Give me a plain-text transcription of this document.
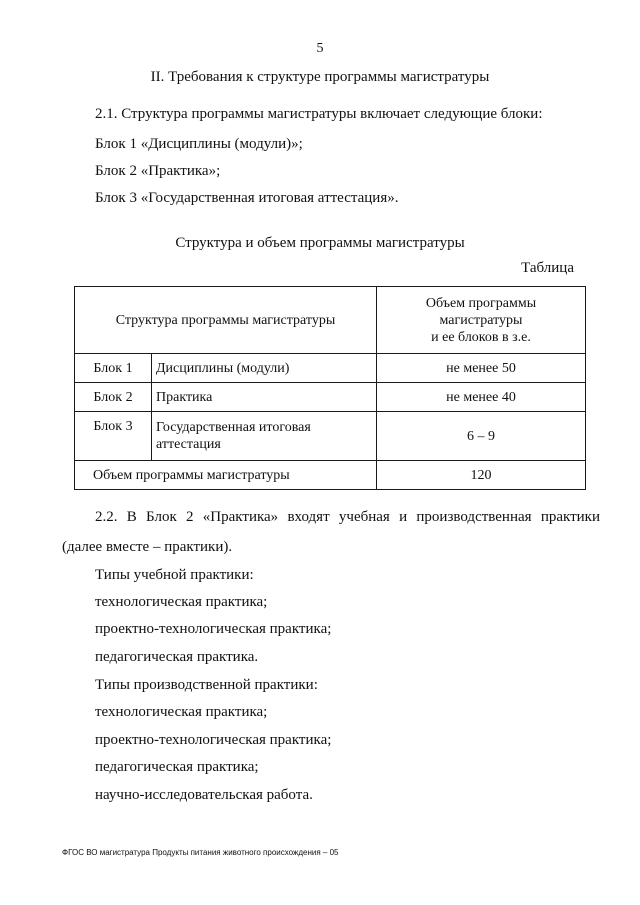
5
II. Требования к структуре программы магистратуры
2.1. Структура программы магистратуры включает следующие блоки:
Блок 1 «Дисциплины (модули)»;
Блок 2 «Практика»;
Блок 3 «Государственная итоговая аттестация».
Структура и объем программы магистратуры
Таблица
Структура программы магистратуры		Объем программы
магистратуры
и ее блоков в з.е.

Блок 1	Дисциплины (модули)	не менее 50
Блок 2	Практика	не менее 40
Блок 3	Государственная итоговая аттестация	6 – 9
Объем программы магистратуры		120
2.2. В Блок 2 «Практика» входят учебная и производственная практики
(далее вместе – практики).
Типы учебной практики:
технологическая практика;
проектно-технологическая практика;
педагогическая практика.
Типы производственной практики:
технологическая практика;
проектно-технологическая практика;
педагогическая практика;
научно-исследовательская работа.
ФГОС ВО магистратура Продукты питания животного происхождения – 05
